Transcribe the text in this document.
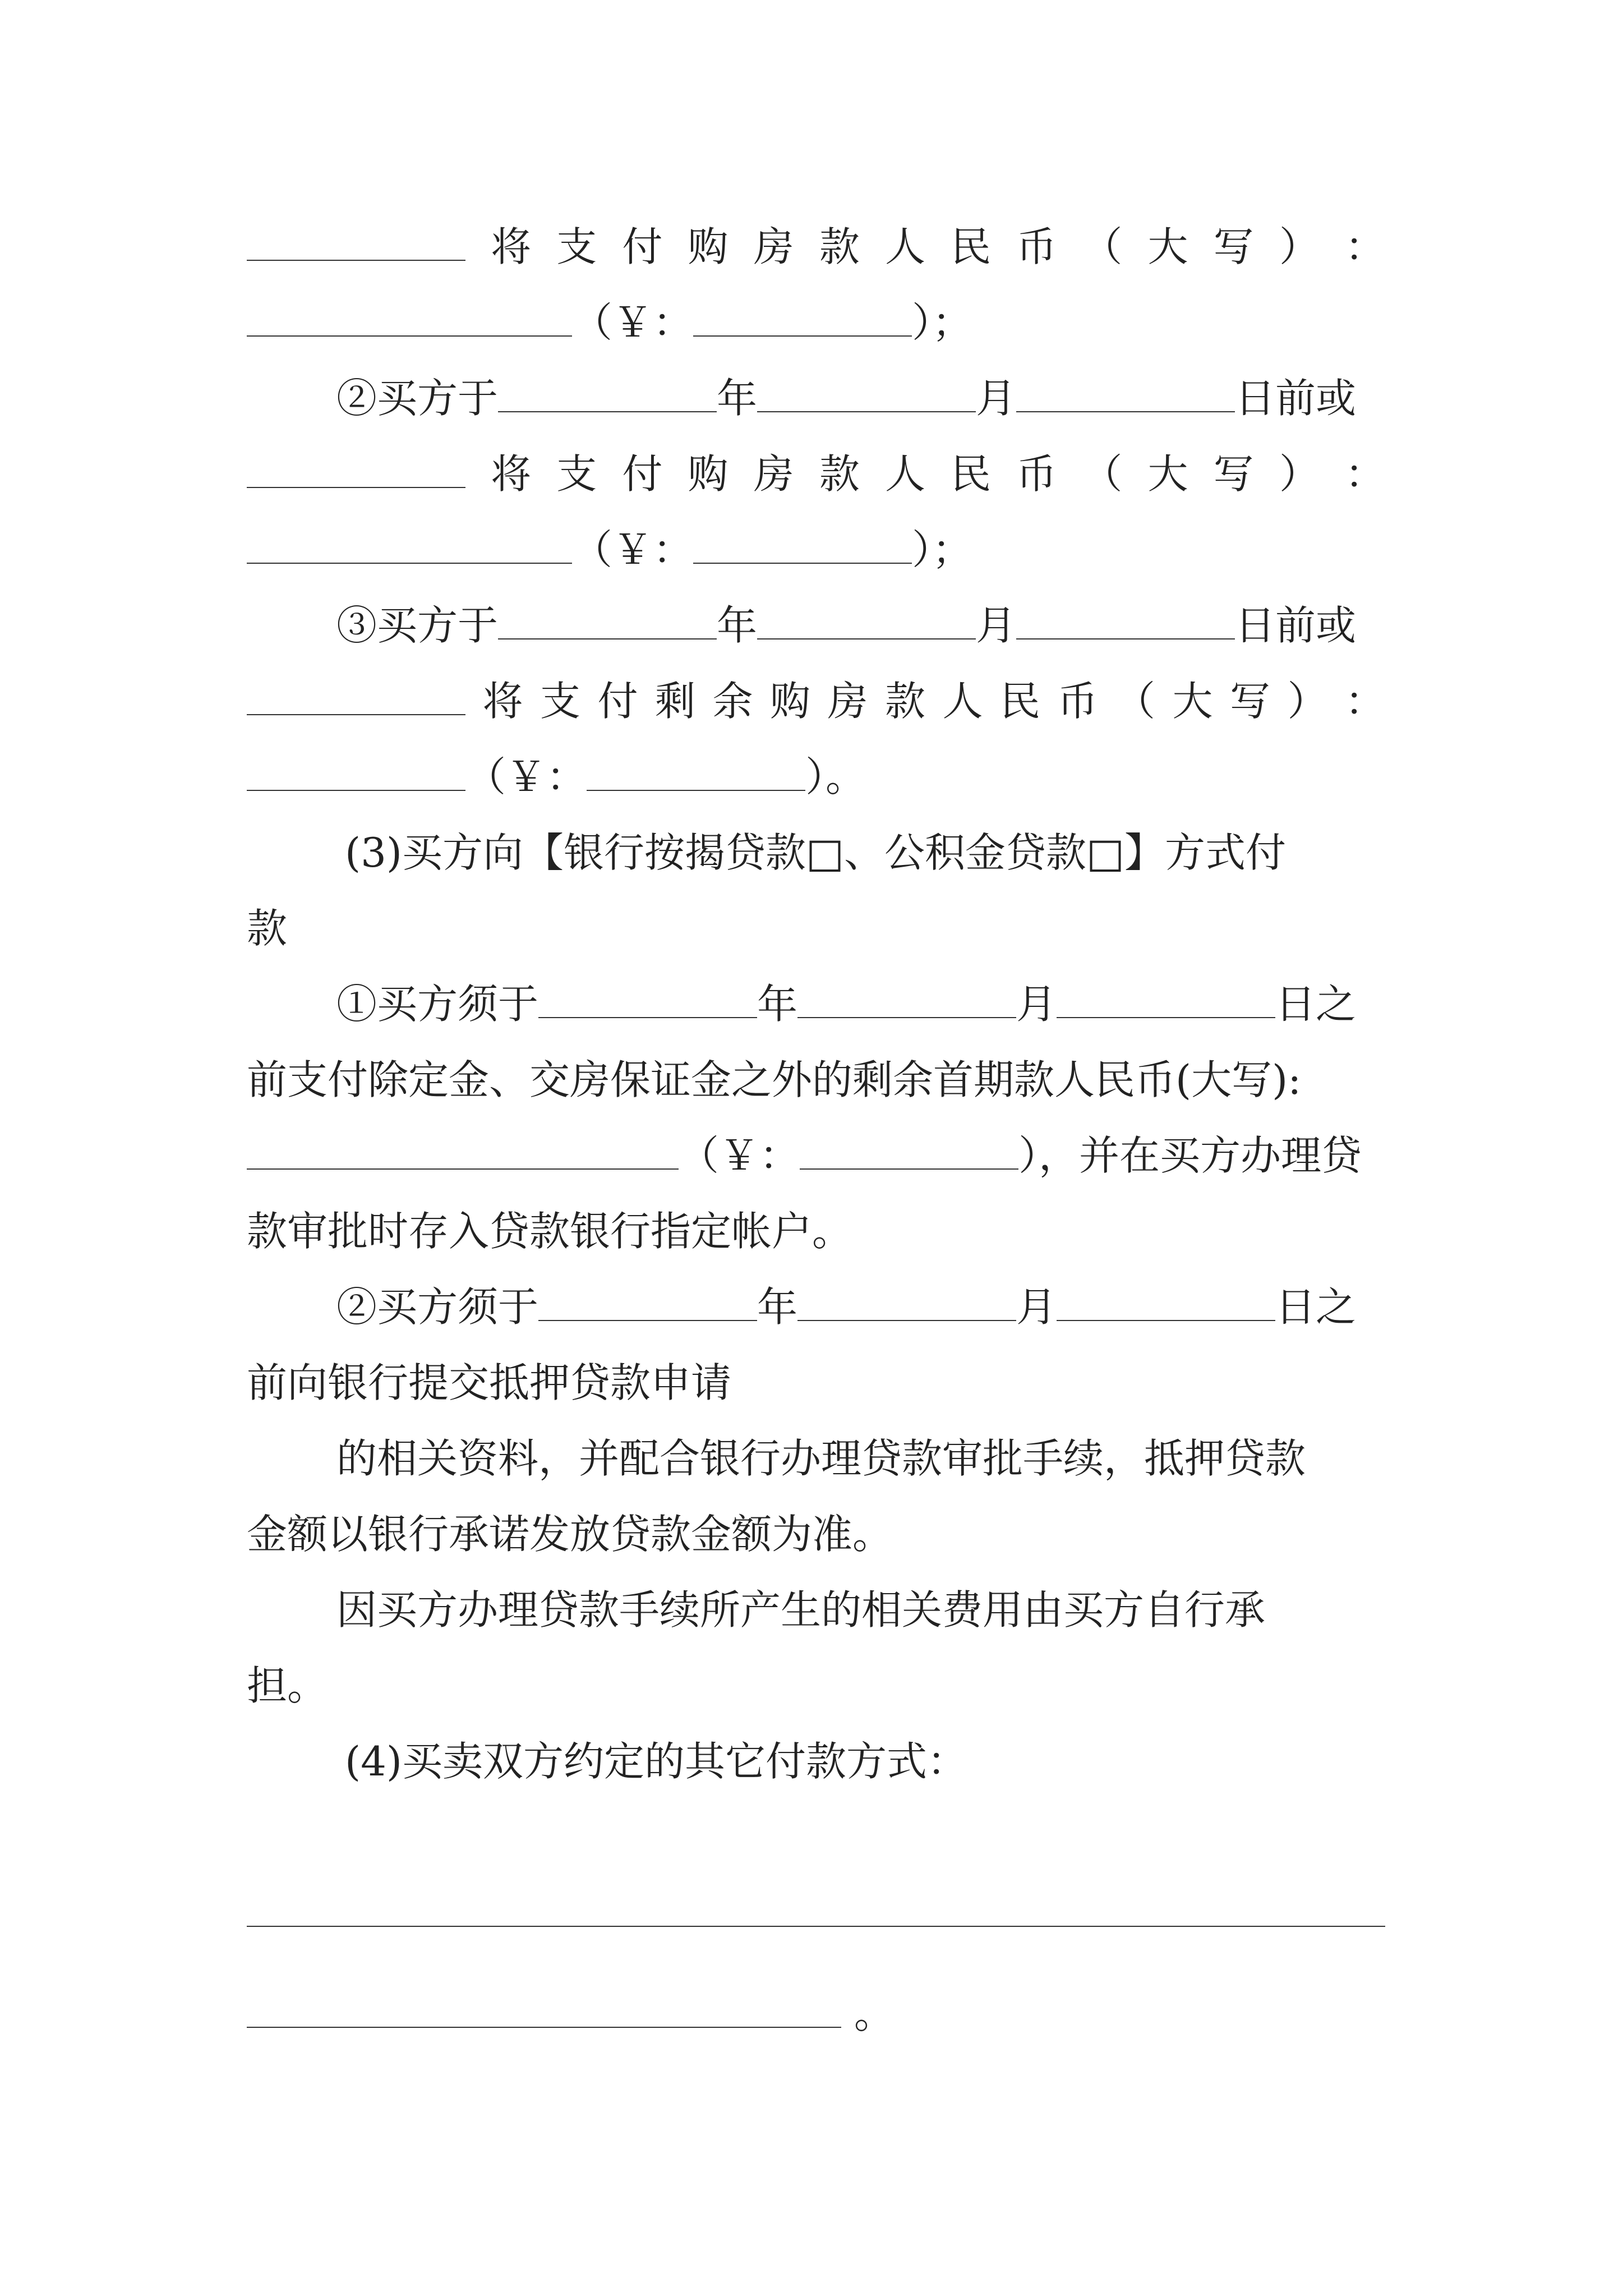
将 支 付 购 房 款 人 民 币 （ 大 写 ） ：
（￥：	）；
②买方于	年	月	日前或
将 支 付 购 房 款 人 民 币 （ 大 写 ） ：
（￥：	）；
③买方于	年	月	日前或
将 支 付 剩 余 购 房 款 人 民 币 （ 大 写 ） ：
（￥：	）。
(3)买方向【银行按揭贷款□、公积金贷款□】方式付
款
①买方须于	年	月	日之
前支付除定金、交房保证金之外的剩余首期款人民币(大写):
（￥：	），并在买方办理贷
款审批时存入贷款银行指定帐户。
②买方须于	年	月	日之
前向银行提交抵押贷款申请
的相关资料，并配合银行办理贷款审批手续，抵押贷款
金额以银行承诺发放贷款金额为准。
因买方办理贷款手续所产生的相关费用由买方自行承
担。
(4)买卖双方约定的其它付款方式：
。
